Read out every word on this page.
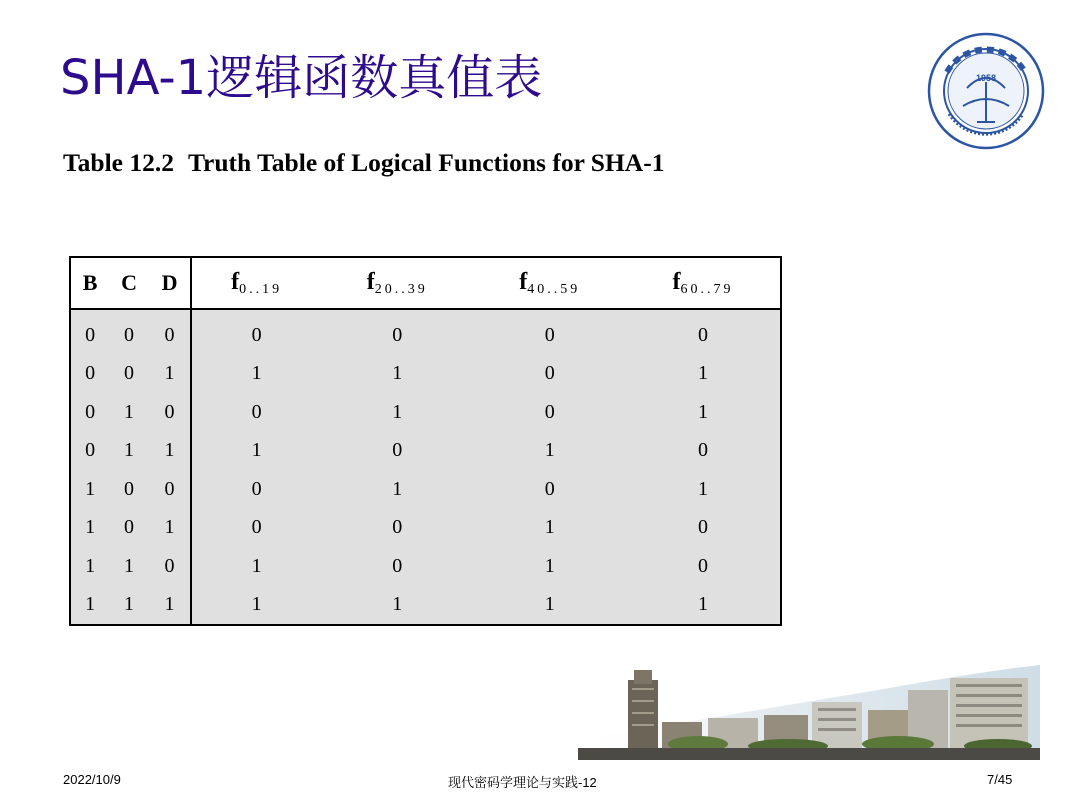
SHA-1逻辑函数真值表
Table 12.2 Truth Table of Logical Functions for SHA-1
1958
B	C	D	$f_{0..19}$	$f_{20..39}$	$f_{40..59}$	$f_{60..79}$
0	0	0	0	0	0	0
0	0	1	1	1	0	1
0	1	0	0	1	0	1
0	1	1	1	0	1	0
1	0	0	0	1	0	1
1	0	1	0	0	1	0
1	1	0	1	0	1	0
1	1	1	1	1	1	1
2022/10/9	现代密码学理论与实践-12	7/45
